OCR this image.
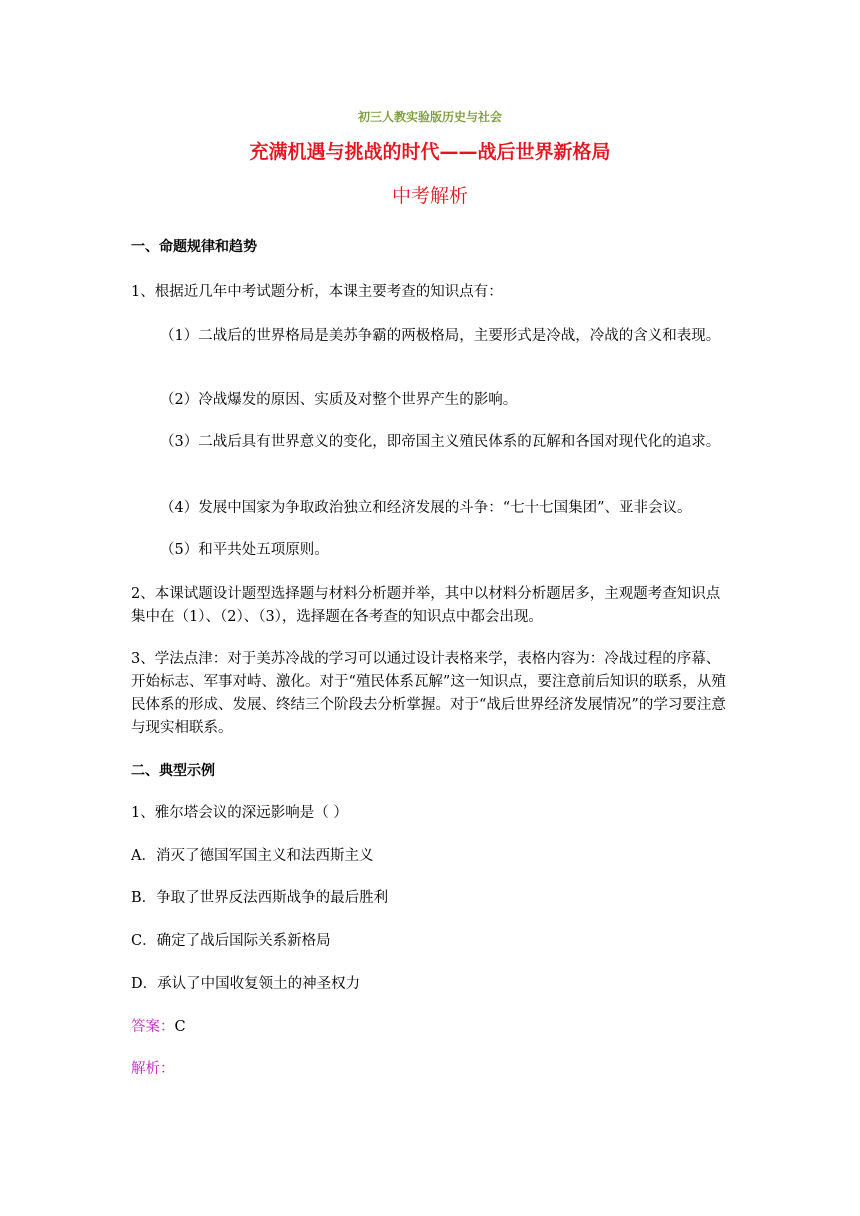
初三人教实验版历史与社会
充满机遇与挑战的时代——战后世界新格局
中考解析

一、命题规律和趋势

1、根据近几年中考试题分析，本课主要考查的知识点有：

（1）二战后的世界格局是美苏争霸的两极格局，主要形式是冷战，冷战的含义和表现。

（2）冷战爆发的原因、实质及对整个世界产生的影响。

（3）二战后具有世界意义的变化，即帝国主义殖民体系的瓦解和各国对现代化的追求。

（4）发展中国家为争取政治独立和经济发展的斗争：“七十七国集团”、亚非会议。

（5）和平共处五项原则。

2、本课试题设计题型选择题与材料分析题并举，其中以材料分析题居多，主观题考查知识点集中在（1）、（2）、（3），选择题在各考查的知识点中都会出现。

3、学法点津：对于美苏冷战的学习可以通过设计表格来学，表格内容为：冷战过程的序幕、开始标志、军事对峙、激化。对于“殖民体系瓦解”这一知识点，要注意前后知识的联系，从殖民体系的形成、发展、终结三个阶段去分析掌握。对于“战后世界经济发展情况”的学习要注意与现实相联系。

二、典型示例

1、雅尔塔会议的深远影响是（ ）

A．消灭了德国军国主义和法西斯主义

B．争取了世界反法西斯战争的最后胜利

C．确定了战后国际关系新格局

D．承认了中国收复领土的神圣权力

答案：C

解析：
